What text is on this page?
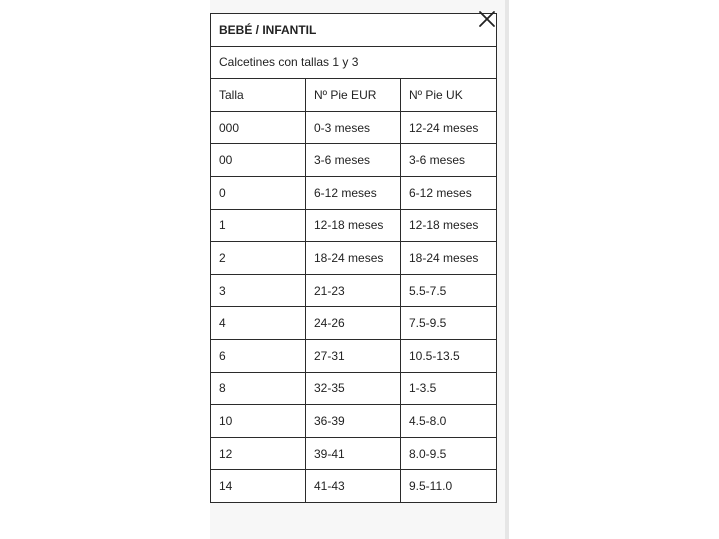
BEBÉ / INFANTIL		
Calcetines con tallas 1 y 3		
Talla	Nº Pie EUR	Nº Pie UK
000	0-3 meses	12-24 meses
00	3-6 meses	3-6 meses
0	6-12 meses	6-12 meses
1	12-18 meses	12-18 meses
2	18-24 meses	18-24 meses
3	21-23	5.5-7.5
4	24-26	7.5-9.5
6	27-31	10.5-13.5
8	32-35	1-3.5
10	36-39	4.5-8.0
12	39-41	8.0-9.5
14	41-43	9.5-11.0
